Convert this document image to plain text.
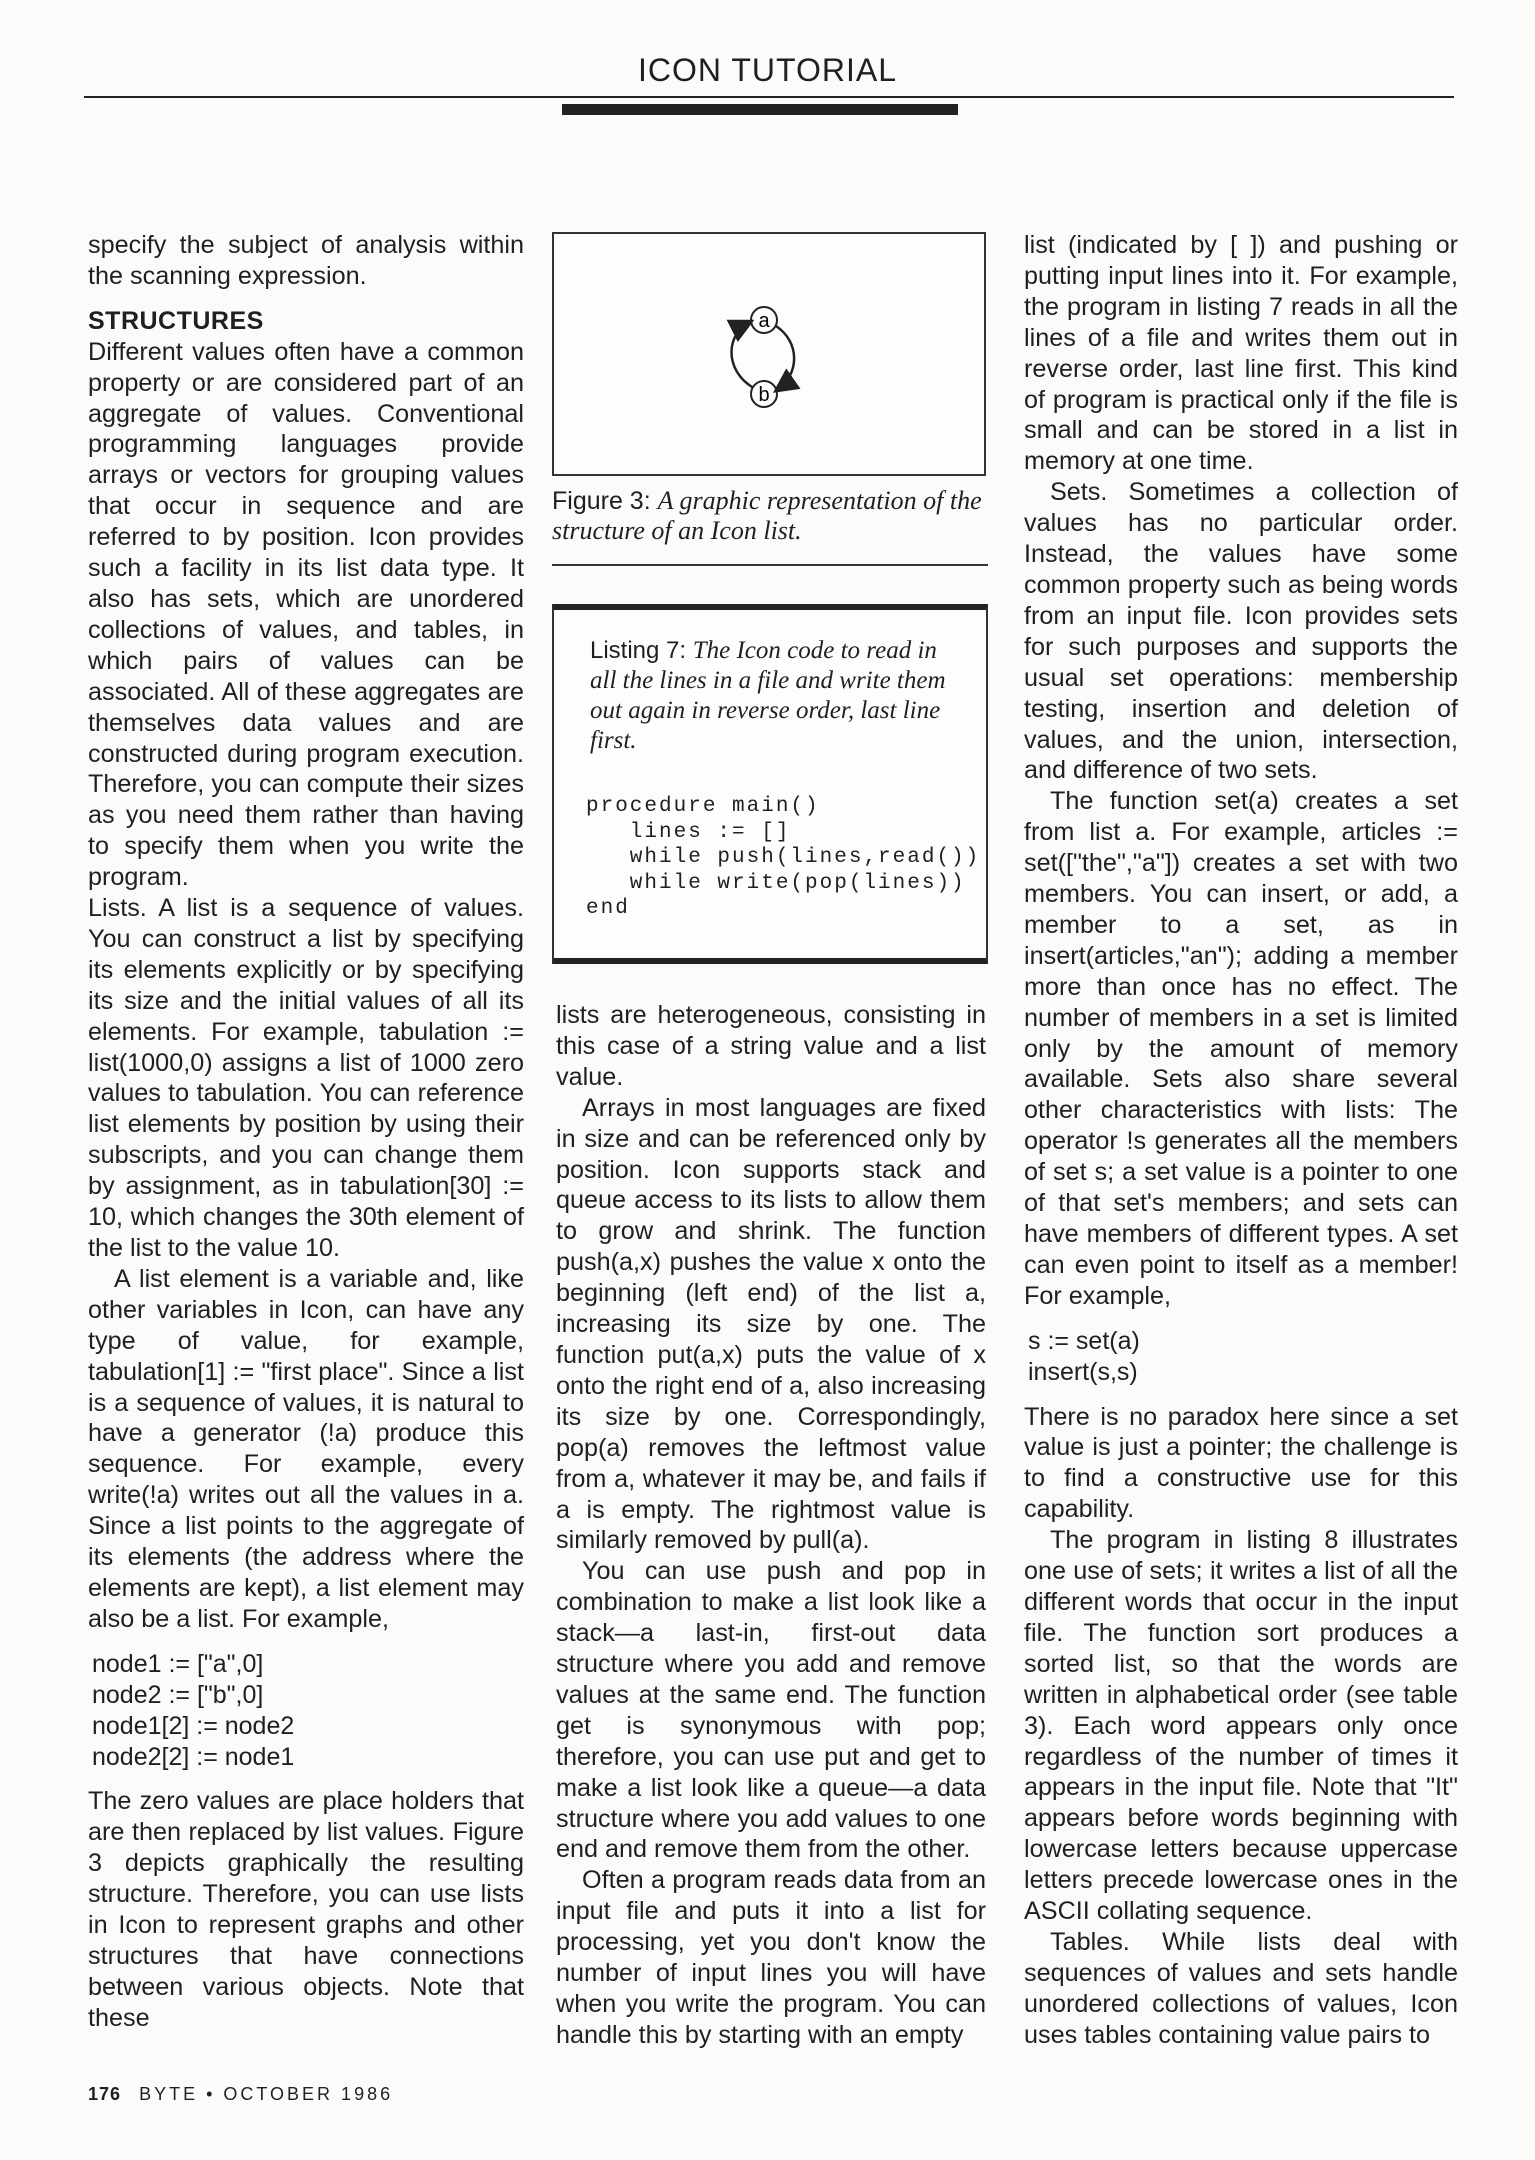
ICON TUTORIAL

specify the subject of analysis within the scanning expression.

STRUCTURES

Different values often have a common property or are considered part of an aggregate of values. Conventional programming languages provide arrays or vectors for grouping values that occur in sequence and are referred to by position. Icon provides such a facility in its list data type. It also has sets, which are unordered collections of values, and tables, in which pairs of values can be associated. All of these aggregates are themselves data values and are constructed during program execution. Therefore, you can compute their sizes as you need them rather than having to specify them when you write the program.

Lists. A list is a sequence of values. You can construct a list by specifying its elements explicitly or by specifying its size and the initial values of all its elements. For example, tabulation := list(1000,0) assigns a list of 1000 zero values to tabulation. You can reference list elements by position by using their subscripts, and you can change them by assignment, as in tabulation[30] := 10, which changes the 30th element of the list to the value 10.

A list element is a variable and, like other variables in Icon, can have any type of value, for example, tabulation[1] := "first place". Since a list is a sequence of values, it is natural to have a generator (!a) produce this sequence. For example, every write(!a) writes out all the values in a. Since a list points to the aggregate of its elements (the address where the elements are kept), a list element may also be a list. For example,

node1 := ["a",0]
node2 := ["b",0]
node1[2] := node2
node2[2] := node1

The zero values are place holders that are then replaced by list values. Figure 3 depicts graphically the resulting structure. Therefore, you can use lists in Icon to represent graphs and other structures that have connections between various objects. Note that these

a
b
Figure 3: A graphic representation of the structure of an Icon list.
Listing 7: The Icon code to read in all the lines in a file and write them out again in reverse order, last line first.
procedure main()
lines := []
while push(lines,read())
while write(pop(lines))
end

lists are heterogeneous, consisting in this case of a string value and a list value.

Arrays in most languages are fixed in size and can be referenced only by position. Icon supports stack and queue access to its lists to allow them to grow and shrink. The function push(a,x) pushes the value x onto the beginning (left end) of the list a, increasing its size by one. The function put(a,x) puts the value of x onto the right end of a, also increasing its size by one. Correspondingly, pop(a) removes the leftmost value from a, whatever it may be, and fails if a is empty. The rightmost value is similarly removed by pull(a).

You can use push and pop in combination to make a list look like a stack—a last-in, first-out data structure where you add and remove values at the same end. The function get is synonymous with pop; therefore, you can use put and get to make a list look like a queue—a data structure where you add values to one end and remove them from the other.

Often a program reads data from an input file and puts it into a list for processing, yet you don't know the number of input lines you will have when you write the program. You can handle this by starting with an empty

list (indicated by [ ]) and pushing or putting input lines into it. For example, the program in listing 7 reads in all the lines of a file and writes them out in reverse order, last line first. This kind of program is practical only if the file is small and can be stored in a list in memory at one time.

Sets. Sometimes a collection of values has no particular order. Instead, the values have some common property such as being words from an input file. Icon provides sets for such purposes and supports the usual set operations: membership testing, insertion and deletion of values, and the union, intersection, and difference of two sets.

The function set(a) creates a set from list a. For example, articles := set(["the","a"]) creates a set with two members. You can insert, or add, a member to a set, as in insert(articles,"an"); adding a member more than once has no effect. The number of members in a set is limited only by the amount of memory available. Sets also share several other characteristics with lists: The operator !s generates all the members of set s; a set value is a pointer to one of that set's members; and sets can have members of different types. A set can even point to itself as a member! For example,

s := set(a)
insert(s,s)

There is no paradox here since a set value is just a pointer; the challenge is to find a constructive use for this capability.

The program in listing 8 illustrates one use of sets; it writes a list of all the different words that occur in the input file. The function sort produces a sorted list, so that the words are written in alphabetical order (see table 3). Each word appears only once regardless of the number of times it appears in the input file. Note that "It" appears before words beginning with lowercase letters because uppercase letters precede lowercase ones in the ASCII collating sequence.

Tables. While lists deal with sequences of values and sets handle unordered collections of values, Icon uses tables containing value pairs to

176 BYTE • OCTOBER 1986
